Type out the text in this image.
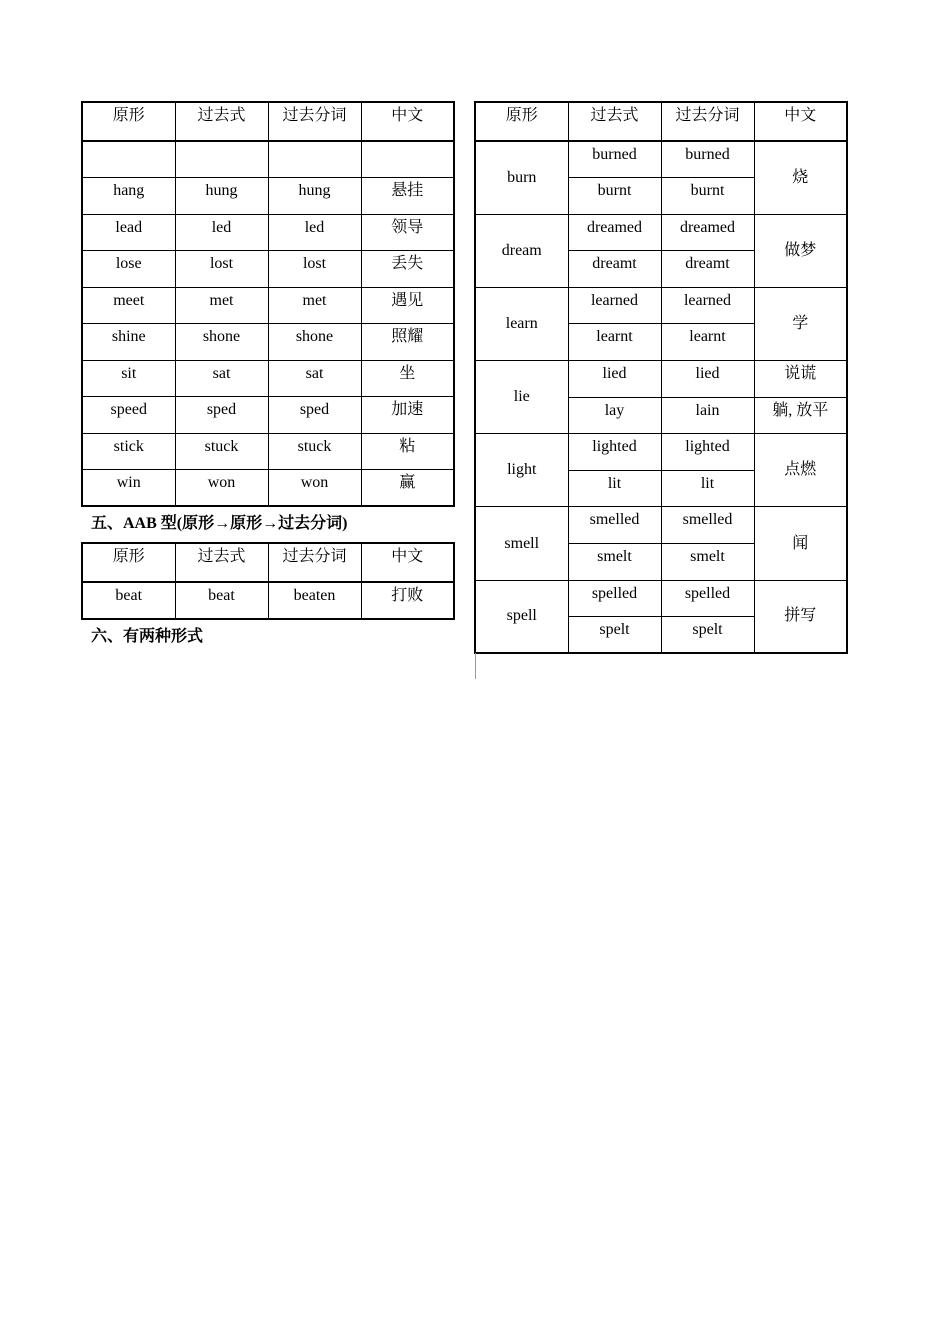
原形	过去式	过去分词	中文

hang	hung	hung	悬挂
lead	led	led	领导
lose	lost	lost	丢失
meet	met	met	遇见
shine	shone	shone	照耀
sit	sat	sat	坐
speed	sped	sped	加速
stick	stuck	stuck	粘
win	won	won	赢
五、AAB 型(原形→原形→过去分词)
原形	过去式	过去分词	中文
beat	beat	beaten	打败
六、有两种形式
原形	过去式	过去分词	中文
burn	burned	burned	烧
	burnt	burnt	
dream	dreamed	dreamed	做梦
	dreamt	dreamt	
learn	learned	learned	学
	learnt	learnt	
lie	lied	lied	说谎
	lay	lain	躺, 放平
light	lighted	lighted	点燃
	lit	lit	
smell	smelled	smelled	闻
	smelt	smelt	
spell	spelled	spelled	拼写
	spelt	spelt	
